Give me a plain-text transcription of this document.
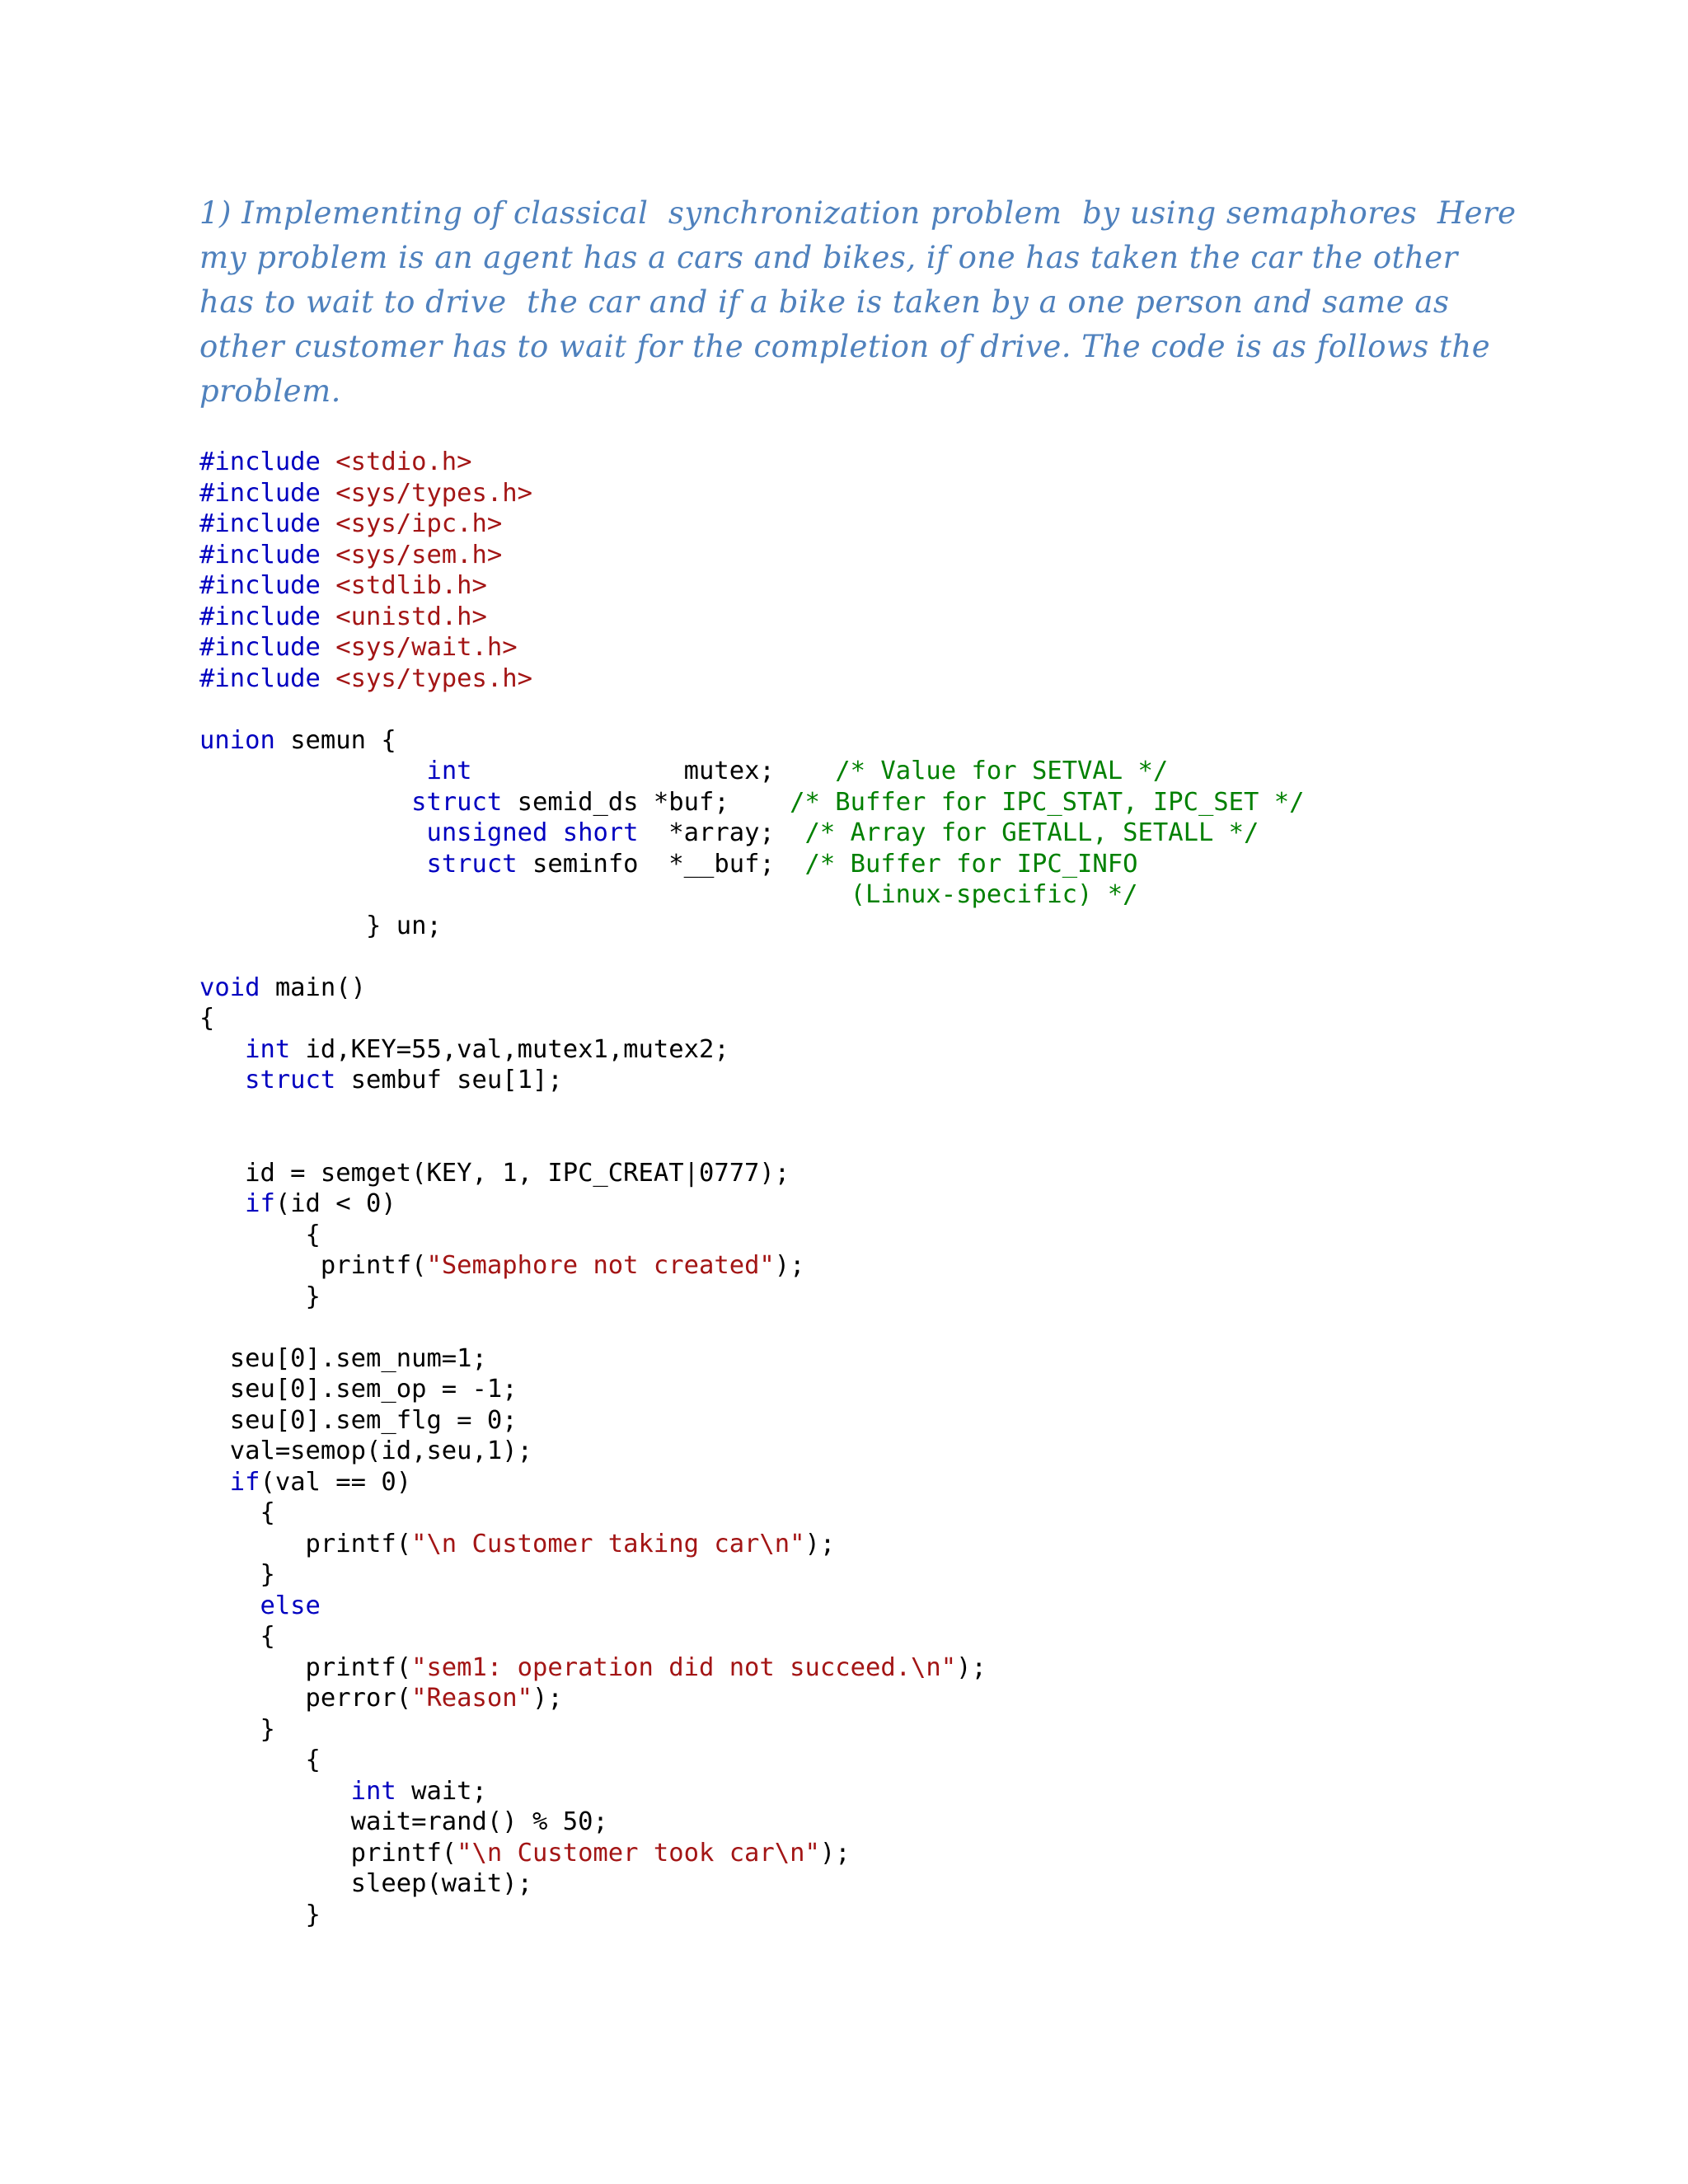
1) Implementing of classical  synchronization problem  by using semaphores  Here
my problem is an agent has a cars and bikes, if one has taken the car the other
has to wait to drive  the car and if a bike is taken by a one person and same as
other customer has to wait for the completion of drive. The code is as follows the
problem.
#include <stdio.h>
#include <sys/types.h>
#include <sys/ipc.h>
#include <sys/sem.h>
#include <stdlib.h>
#include <unistd.h>
#include <sys/wait.h>
#include <sys/types.h>
union semun {
int              mutex;    /* Value for SETVAL */
struct semid_ds *buf;    /* Buffer for IPC_STAT, IPC_SET */
unsigned short  *array;  /* Array for GETALL, SETALL */
struct seminfo  *__buf;  /* Buffer for IPC_INFO
(Linux-specific) */
} un;
void main()
{
int id,KEY=55,val,mutex1,mutex2;
struct sembuf seu[1];
id = semget(KEY, 1, IPC_CREAT|0777);
if(id < 0)
{
printf("Semaphore not created");
}
seu[0].sem_num=1;
seu[0].sem_op = -1;
seu[0].sem_flg = 0;
val=semop(id,seu,1);
if(val == 0)
{
printf("\n Customer taking car\n");
}
else
{
printf("sem1: operation did not succeed.\n");
perror("Reason");
}
{
int wait;
wait=rand() % 50;
printf("\n Customer took car\n");
sleep(wait);
}
